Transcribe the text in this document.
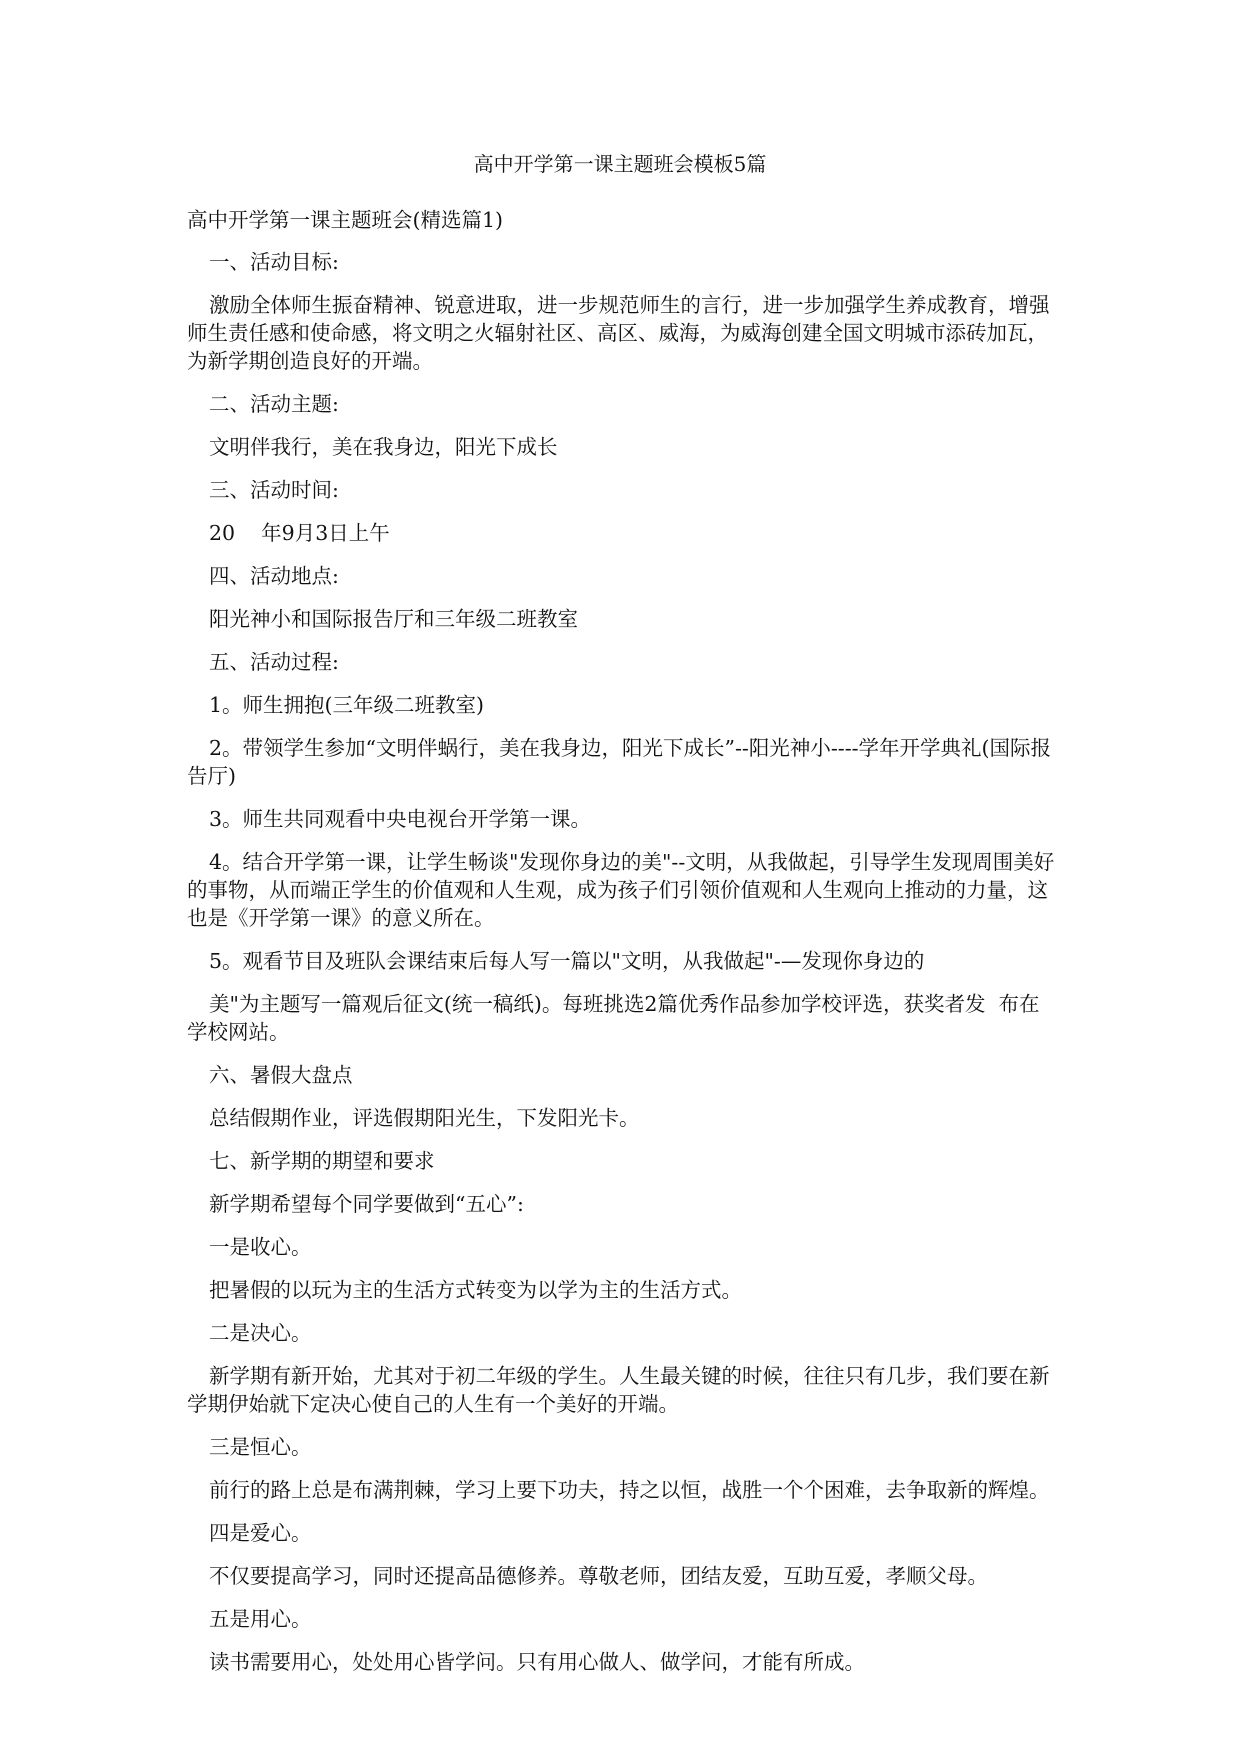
高中开学第一课主题班会模板5篇
高中开学第一课主题班会(精选篇1)
一、活动目标:
激励全体师生振奋精神、锐意进取，进一步规范师生的言行，进一步加强学生养成教育，增强师生责任感和使命感，将文明之火辐射社区、高区、威海，为威海创建全国文明城市添砖加瓦，为新学期创造良好的开端。
二、活动主题:
文明伴我行，美在我身边，阳光下成长
三、活动时间:
20    年9月3日上午
四、活动地点:
阳光神小和国际报告厅和三年级二班教室
五、活动过程:
1。师生拥抱(三年级二班教室)
2。带领学生参加“文明伴蜗行，美在我身边，阳光下成长”--阳光神小----学年开学典礼(国际报告厅)
3。师生共同观看中央电视台开学第一课。
4。结合开学第一课，让学生畅谈"发现你身边的美"--文明，从我做起，引导学生发现周围美好的事物，从而端正学生的价值观和人生观，成为孩子们引领价值观和人生观向上推动的力量，这也是《开学第一课》的意义所在。
5。观看节目及班队会课结束后每人写一篇以"文明，从我做起"-—发现你身边的
美"为主题写一篇观后征文(统一稿纸)。每班挑选2篇优秀作品参加学校评选，获奖者发  布在学校网站。
六、暑假大盘点
总结假期作业，评选假期阳光生，下发阳光卡。
七、新学期的期望和要求
新学期希望每个同学要做到“五心”:
一是收心。
把暑假的以玩为主的生活方式转变为以学为主的生活方式。
二是决心。
新学期有新开始，尤其对于初二年级的学生。人生最关键的时候，往往只有几步，我们要在新学期伊始就下定决心使自己的人生有一个美好的开端。
三是恒心。
前行的路上总是布满荆棘，学习上要下功夫，持之以恒，战胜一个个困难，去争取新的辉煌。
四是爱心。
不仅要提高学习，同时还提高品德修养。尊敬老师，团结友爱，互助互爱，孝顺父母。
五是用心。
读书需要用心，处处用心皆学问。只有用心做人、做学问，才能有所成。
